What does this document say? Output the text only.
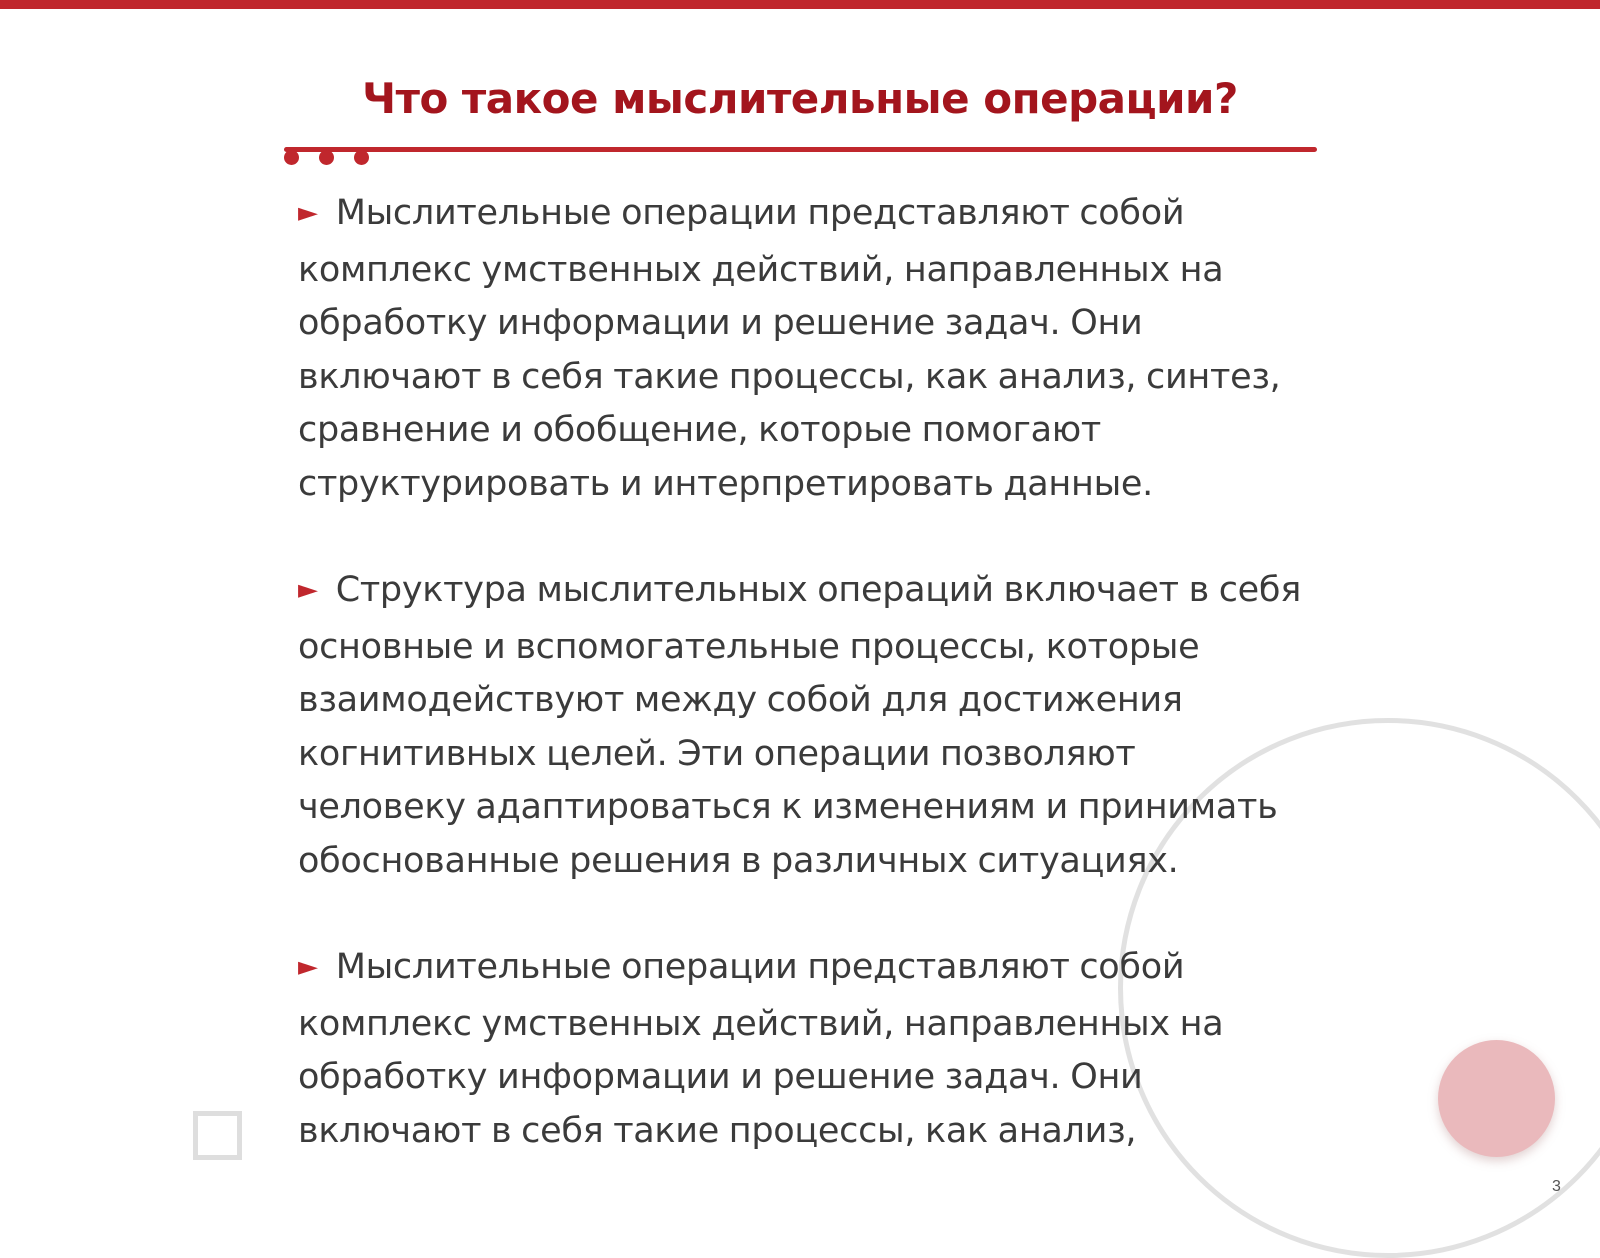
Что такое мыслительные операции?

► Мыслительные операции представляют собой комплекс умственных действий, направленных на обработку информации и решение задач. Они включают в себя такие процессы, как анализ, синтез, сравнение и обобщение, которые помогают структурировать и интерпретировать данные.

► Структура мыслительных операций включает в себя основные и вспомогательные процессы, которые взаимодействуют между собой для достижения когнитивных целей. Эти операции позволяют человеку адаптироваться к изменениям и принимать обоснованные решения в различных ситуациях.

► Мыслительные операции представляют собой комплекс умственных действий, направленных на обработку информации и решение задач. Они включают в себя такие процессы, как анализ,

3
